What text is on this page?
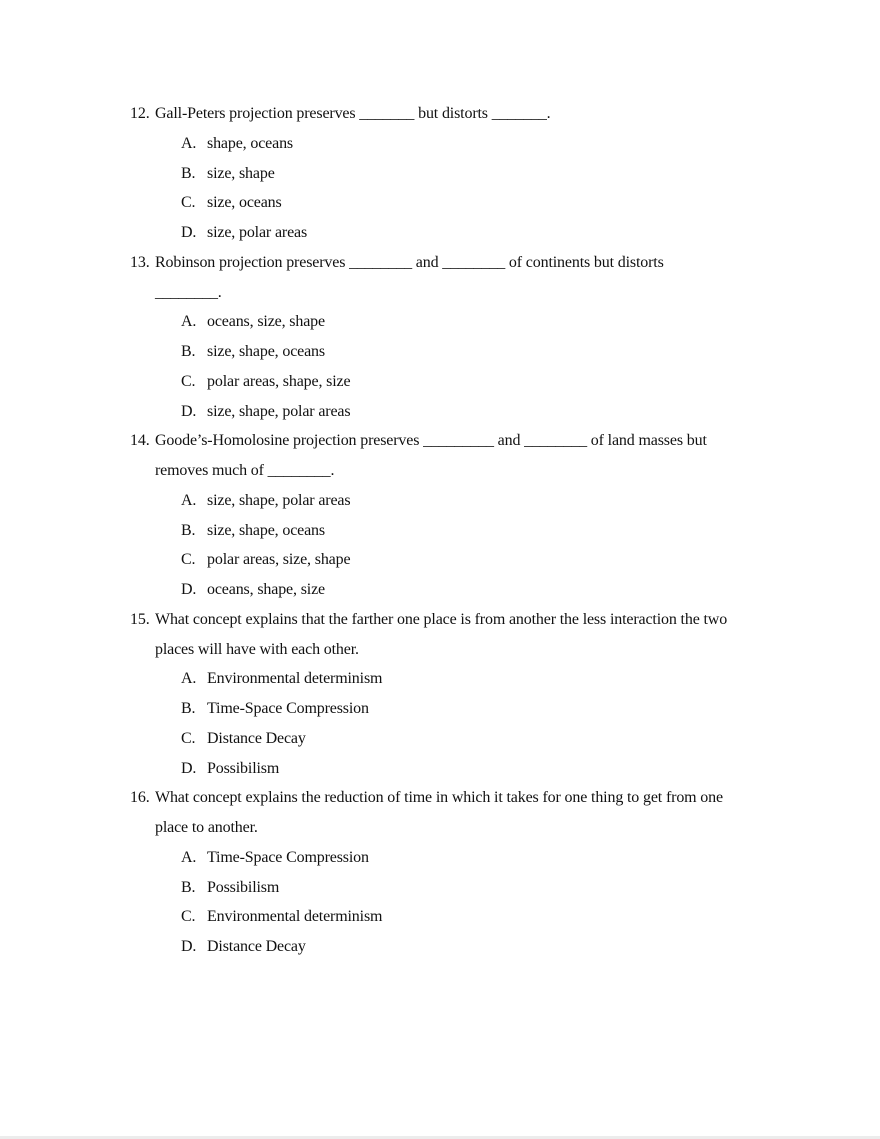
12. Gall-Peters projection preserves _______ but distorts _______.
A. shape, oceans
B. size, shape
C. size, oceans
D. size, polar areas
13. Robinson projection preserves ________ and ________ of continents but distorts
________.
A. oceans, size, shape
B. size, shape, oceans
C. polar areas, shape, size
D. size, shape, polar areas
14. Goode’s-Homolosine projection preserves _________ and ________ of land masses but
removes much of ________.
A. size, shape, polar areas
B. size, shape, oceans
C. polar areas, size, shape
D. oceans, shape, size
15. What concept explains that the farther one place is from another the less interaction the two
places will have with each other.
A. Environmental determinism
B. Time-Space Compression
C. Distance Decay
D. Possibilism
16. What concept explains the reduction of time in which it takes for one thing to get from one
place to another.
A. Time-Space Compression
B. Possibilism
C. Environmental determinism
D. Distance Decay
